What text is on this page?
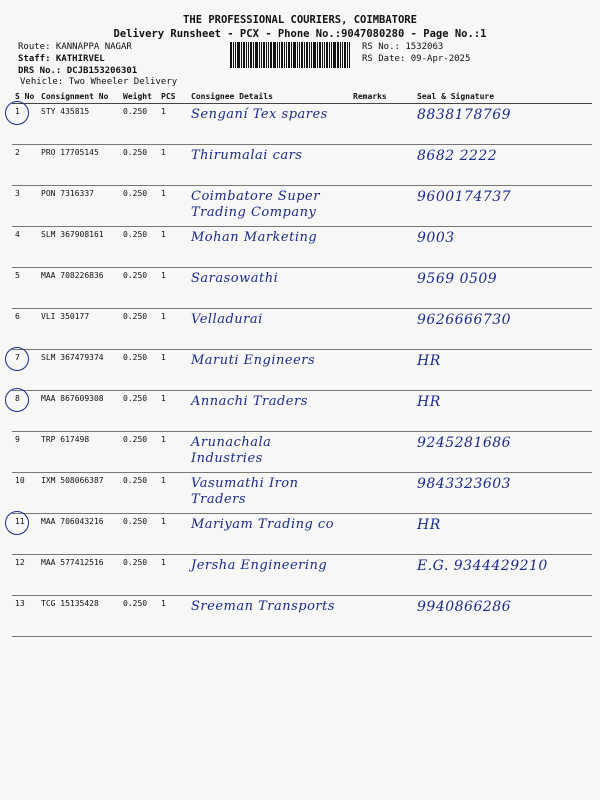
THE PROFESSIONAL COURIERS, COIMBATORE
Delivery Runsheet - PCX - Phone No.:9047080280 - Page No.:1
Route: KANNAPPA NAGAR
Staff: KATHIRVEL
DRS No.: DCJB153206301
Vehicle: Two Wheeler Delivery
RS No.: 1532063
RS Date: 09-Apr-2025
S No	Consignment No	Weight	PCS	Consignee Details	Remarks	Seal & Signature

1	STY 435815	0.250	1	Senganí Tex spares		8838178769
2	PRO 17705145	0.250	1	Thirumalai cars		8682 2222
3	PON 7316337	0.250	1	Coimbatore Super Trading Company		9600174737
4	SLM 367908161	0.250	1	Mohan Marketing		9003
5	MAA 708226836	0.250	1	Sarasowathi		9569 0509
6	VLI 350177	0.250	1	Velladurai		9626666730

7	SLM 367479374	0.250	1	Maruti Engineers		HR

8	MAA 867609308	0.250	1	Annachi Traders		HR
9	TRP 617498	0.250	1	Arunachala Industries		9245281686
10	IXM 508066387	0.250	1	Vasumathi Iron Traders		9843323603

11	MAA 706043216	0.250	1	Mariyam Trading co		HR
12	MAA 577412516	0.250	1	Jersha Engineering		E.G. 9344429210
13	TCG 15135428	0.250	1	Sreeman Transports		9940866286
